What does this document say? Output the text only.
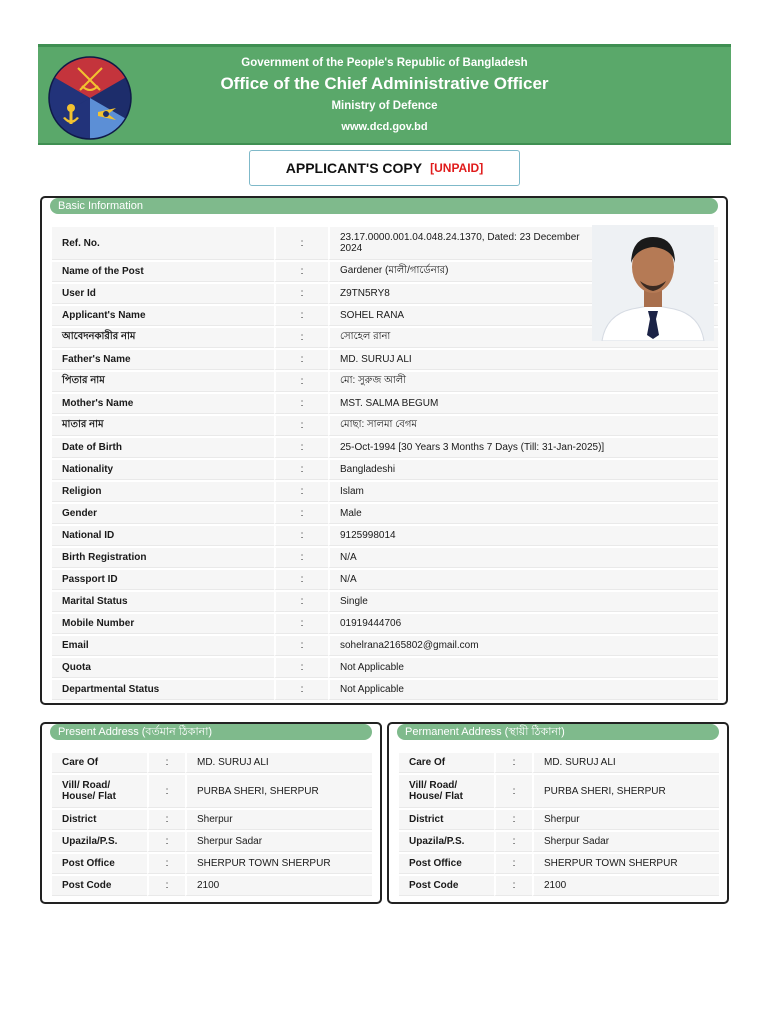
Government of the People's Republic of Bangladesh
Office of the Chief Administrative Officer
Ministry of Defence
www.dcd.gov.bd
APPLICANT'S COPY [UNPAID]
Basic Information
Ref. No.	:	23.17.0000.001.04.048.24.1370, Dated: 23 December 2024
Name of the Post	:	Gardener (মালী/গার্ডেনার)
User Id	:	Z9TN5RY8
Applicant's Name	:	SOHEL RANA
আবেদনকারীর নাম	:	সোহেল রানা
Father's Name	:	MD. SURUJ ALI
পিতার নাম	:	মো: সুরুজ আলী
Mother's Name	:	MST. SALMA BEGUM
মাতার নাম	:	মোছা: সালমা বেগম
Date of Birth	:	25-Oct-1994 [30 Years 3 Months 7 Days (Till: 31-Jan-2025)]
Nationality	:	Bangladeshi
Religion	:	Islam
Gender	:	Male
National ID	:	9125998014
Birth Registration	:	N/A
Passport ID	:	N/A
Marital Status	:	Single
Mobile Number	:	01919444706
Email	:	sohelrana2165802@gmail.com
Quota	:	Not Applicable
Departmental Status	:	Not Applicable
Present Address (বর্তমান ঠিকানা)
Care Of	:	MD. SURUJ ALI
Vill/ Road/ House/ Flat	:	PURBA SHERI, SHERPUR
District	:	Sherpur
Upazila/P.S.	:	Sherpur Sadar
Post Office	:	SHERPUR TOWN SHERPUR
Post Code	:	2100
Permanent Address (স্থায়ী ঠিকানা)
Care Of	:	MD. SURUJ ALI
Vill/ Road/ House/ Flat	:	PURBA SHERI, SHERPUR
District	:	Sherpur
Upazila/P.S.	:	Sherpur Sadar
Post Office	:	SHERPUR TOWN SHERPUR
Post Code	:	2100
